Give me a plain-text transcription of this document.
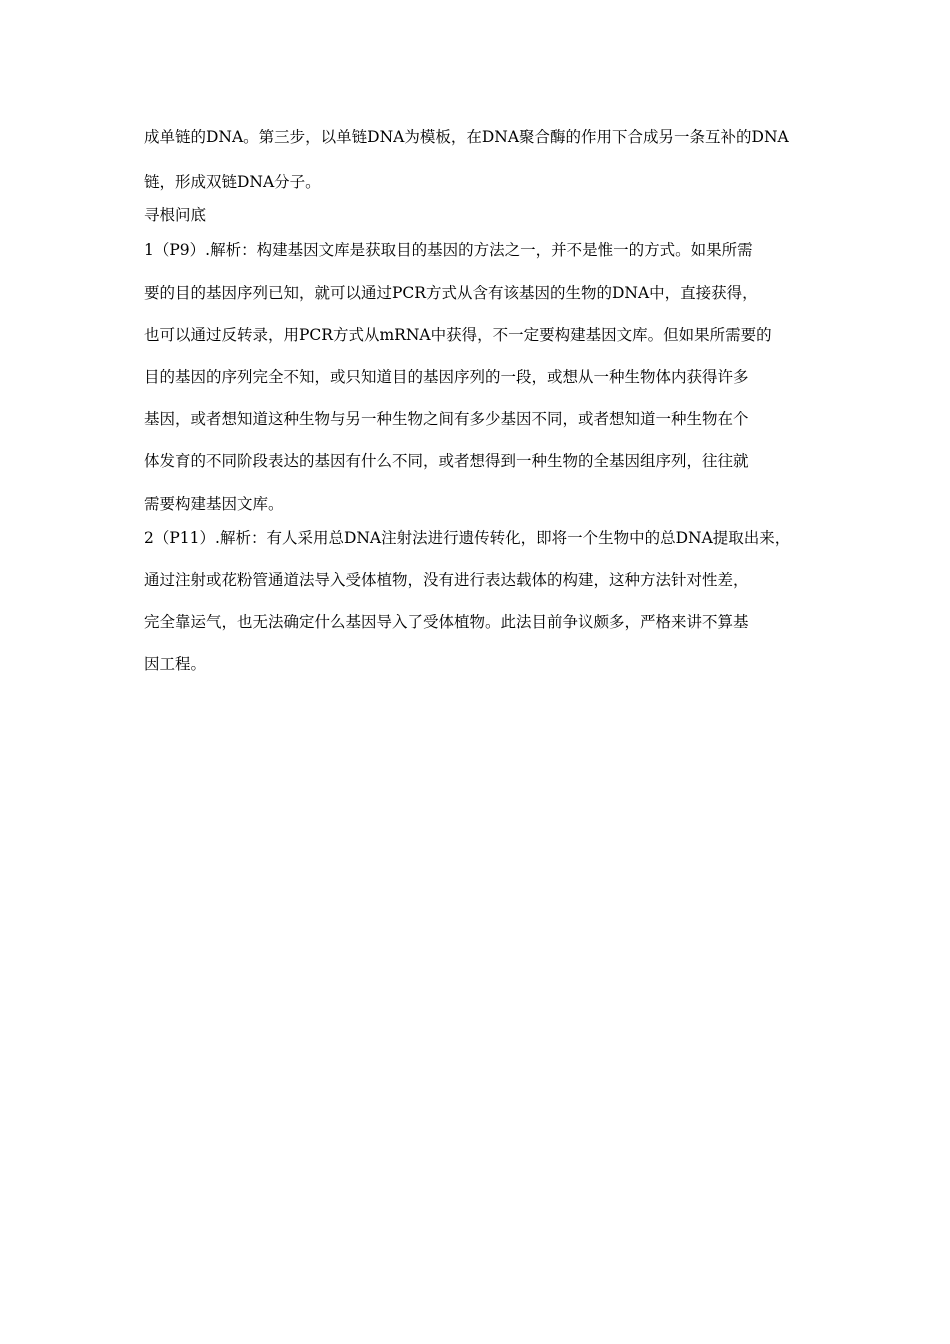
成单链的DNA。第三步，以单链DNA为模板，在DNA聚合酶的作用下合成另一条互补的DNA
链，形成双链DNA分子。
寻根问底
1（P9）.解析：构建基因文库是获取目的基因的方法之一，并不是惟一的方式。如果所需
要的目的基因序列已知，就可以通过PCR方式从含有该基因的生物的DNA中，直接获得，
也可以通过反转录，用PCR方式从mRNA中获得，不一定要构建基因文库。但如果所需要的
目的基因的序列完全不知，或只知道目的基因序列的一段，或想从一种生物体内获得许多
基因，或者想知道这种生物与另一种生物之间有多少基因不同，或者想知道一种生物在个
体发育的不同阶段表达的基因有什么不同，或者想得到一种生物的全基因组序列，往往就
需要构建基因文库。
2（P11）.解析：有人采用总DNA注射法进行遗传转化，即将一个生物中的总DNA提取出来，
通过注射或花粉管通道法导入受体植物，没有进行表达载体的构建，这种方法针对性差，
完全靠运气，也无法确定什么基因导入了受体植物。此法目前争议颇多，严格来讲不算基
因工程。
